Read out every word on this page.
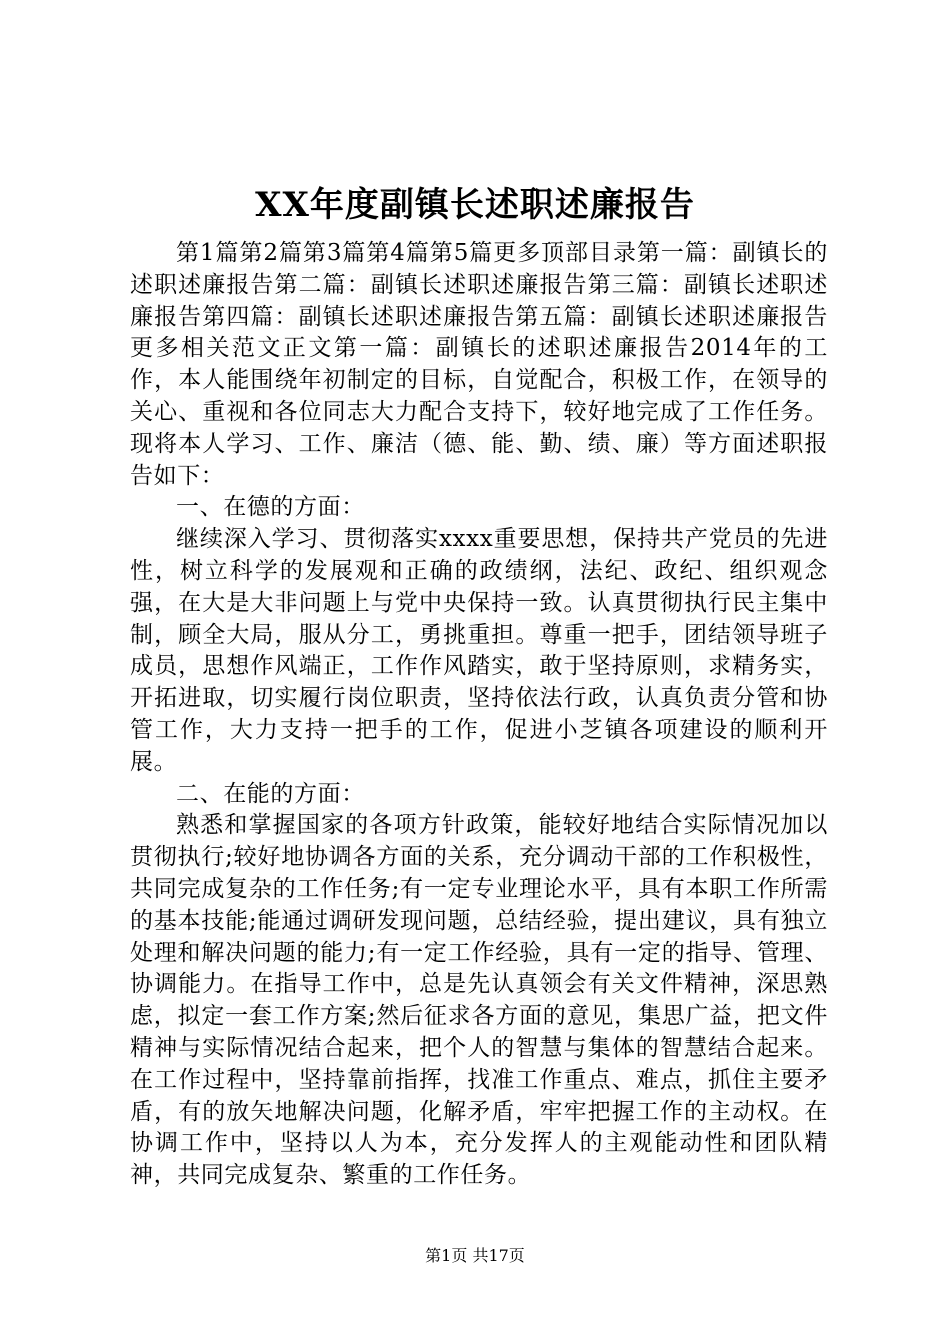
XX年度副镇长述职述廉报告

第1篇第2篇第3篇第4篇第5篇更多顶部目录第一篇：副镇长的述职述廉报告第二篇：副镇长述职述廉报告第三篇：副镇长述职述廉报告第四篇：副镇长述职述廉报告第五篇：副镇长述职述廉报告更多相关范文正文第一篇：副镇长的述职述廉报告2014年的工作，本人能围绕年初制定的目标，自觉配合，积极工作，在领导的关心、重视和各位同志大力配合支持下，较好地完成了工作任务。现将本人学习、工作、廉洁（德、能、勤、绩、廉）等方面述职报告如下：

一、在德的方面：

继续深入学习、贯彻落实xxxx重要思想，保持共产党员的先进性，树立科学的发展观和正确的政绩纲，法纪、政纪、组织观念强，在大是大非问题上与党中央保持一致。认真贯彻执行民主集中制，顾全大局，服从分工，勇挑重担。尊重一把手，团结领导班子成员，思想作风端正，工作作风踏实，敢于坚持原则，求精务实，开拓进取，切实履行岗位职责，坚持依法行政，认真负责分管和协管工作，大力支持一把手的工作，促进小芝镇各项建设的顺利开展。

二、在能的方面：

熟悉和掌握国家的各项方针政策，能较好地结合实际情况加以贯彻执行;较好地协调各方面的关系，充分调动干部的工作积极性，共同完成复杂的工作任务;有一定专业理论水平，具有本职工作所需的基本技能;能通过调研发现问题，总结经验，提出建议，具有独立处理和解决问题的能力;有一定工作经验，具有一定的指导、管理、协调能力。在指导工作中，总是先认真领会有关文件精神，深思熟虑，拟定一套工作方案;然后征求各方面的意见，集思广益，把文件精神与实际情况结合起来，把个人的智慧与集体的智慧结合起来。在工作过程中，坚持靠前指挥，找准工作重点、难点，抓住主要矛盾，有的放矢地解决问题，化解矛盾，牢牢把握工作的主动权。在协调工作中，坚持以人为本，充分发挥人的主观能动性和团队精神，共同完成复杂、繁重的工作任务。

第1页 共17页
